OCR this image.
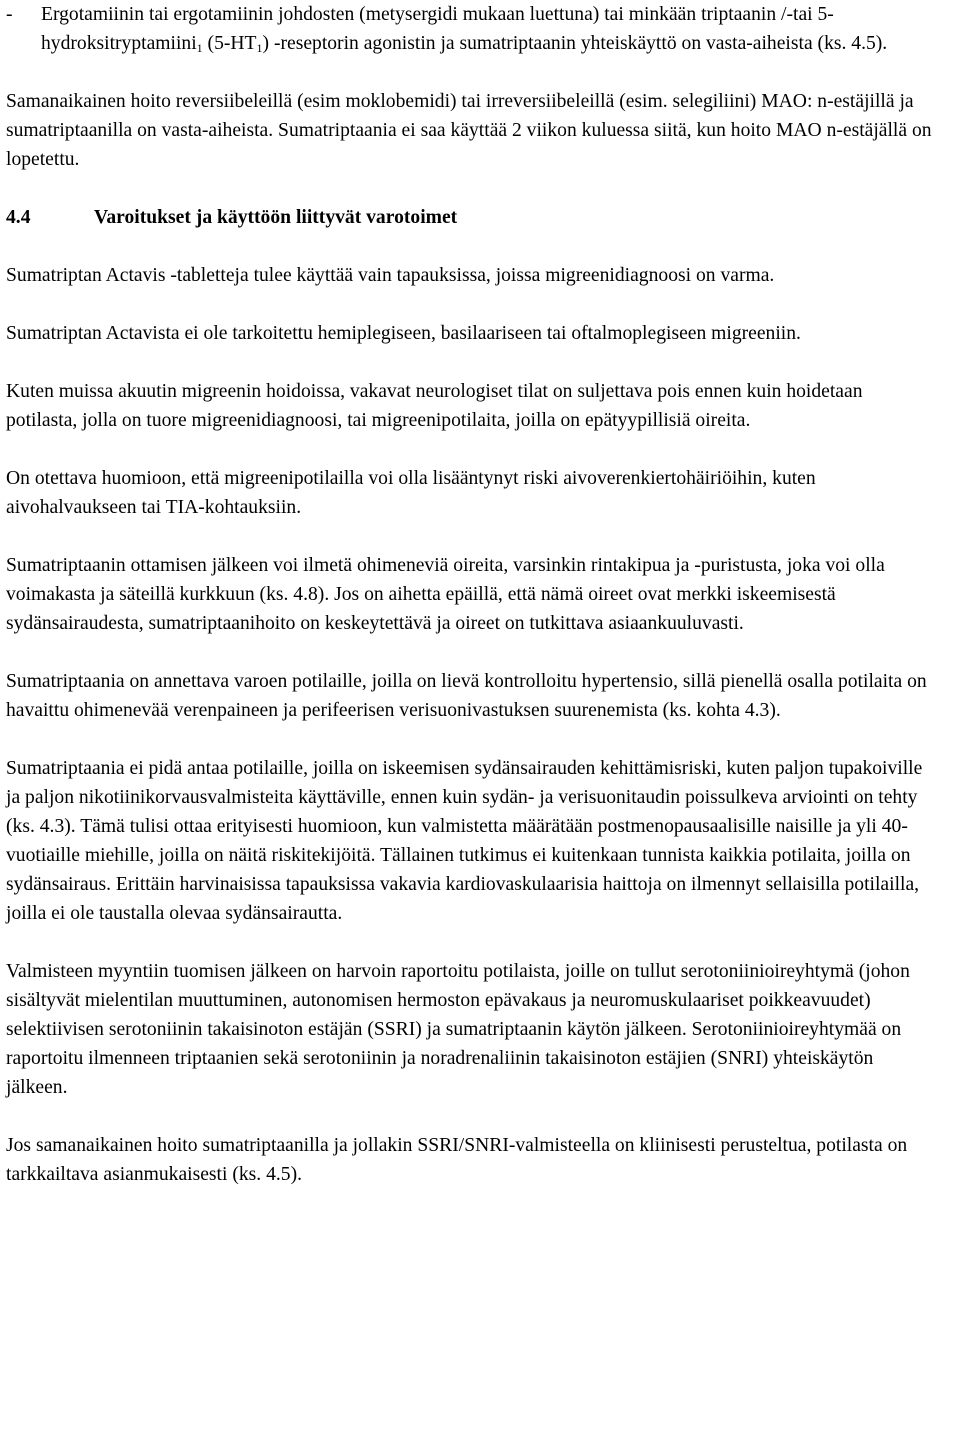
- Ergotamiinin tai ergotamiinin johdosten (metysergidi mukaan luettuna) tai minkään triptaanin /-tai 5-hydroksitryptamiini$_1$ $(5-HT_1)$ -reseptorin agonistin ja sumatriptaanin yhteiskäyttö on vasta-aiheista (ks. 4.5).

Samanaikainen hoito reversiibeleillä (esim moklobemidi) tai irreversiibeleillä (esim. selegiliini) MAO: n-estäjillä ja sumatriptaanilla on vasta-aiheista. Sumatriptaania ei saa käyttää 2 viikon kuluessa siitä, kun hoito MAO n-estäjällä on lopetettu.

4.4	Varoitukset ja käyttöön liittyvät varotoimet

Sumatriptan Actavis -tabletteja tulee käyttää vain tapauksissa, joissa migreenidiagnoosi on varma.

Sumatriptan Actavista ei ole tarkoitettu hemiplegiseen, basilaariseen tai oftalmoplegiseen migreeniin.

Kuten muissa akuutin migreenin hoidoissa, vakavat neurologiset tilat on suljettava pois ennen kuin hoidetaan potilasta, jolla on tuore migreenidiagnoosi, tai migreenipotilaita, joilla on epätyypillisiä oireita.

On otettava huomioon, että migreenipotilailla voi olla lisääntynyt riski aivoverenkiertohäiriöihin, kuten aivohalvaukseen tai TIA-kohtauksiin.

Sumatriptaanin ottamisen jälkeen voi ilmetä ohimeneviä oireita, varsinkin rintakipua ja -puristusta, joka voi olla voimakasta ja säteillä kurkkuun (ks. 4.8). Jos on aihetta epäillä, että nämä oireet ovat merkki iskeemisestä sydänsairaudesta, sumatriptaanihoito on keskeytettävä ja oireet on tutkittava asiaankuuluvasti.

Sumatriptaania on annettava varoen potilaille, joilla on lievä kontrolloitu hypertensio, sillä pienellä osalla potilaita on havaittu ohimenevää verenpaineen ja perifeerisen verisuonivastuksen suurenemista (ks. kohta 4.3).

Sumatriptaania ei pidä antaa potilaille, joilla on iskeemisen sydänsairauden kehittämisriski, kuten paljon tupakoiville ja paljon nikotiinikorvausvalmisteita käyttäville, ennen kuin sydän- ja verisuonitaudin poissulkeva arviointi on tehty (ks. 4.3). Tämä tulisi ottaa erityisesti huomioon, kun valmistetta määrätään postmenopausaalisille naisille ja yli 40-vuotiaille miehille, joilla on näitä riskitekijöitä. Tällainen tutkimus ei kuitenkaan tunnista kaikkia potilaita, joilla on sydänsairaus. Erittäin harvinaisissa tapauksissa vakavia kardiovaskulaarisia haittoja on ilmennyt sellaisilla potilailla, joilla ei ole taustalla olevaa sydänsairautta.

Valmisteen myyntiin tuomisen jälkeen on harvoin raportoitu potilaista, joille on tullut serotoniinioireyhtymä (johon sisältyvät mielentilan muuttuminen, autonomisen hermoston epävakaus ja neuromuskulaariset poikkeavuudet) selektiivisen serotoniinin takaisinoton estäjän (SSRI) ja sumatriptaanin käytön jälkeen. Serotoniinioireyhtymää on raportoitu ilmenneen triptaanien sekä serotoniinin ja noradrenaliinin takaisinoton estäjien (SNRI) yhteiskäytön jälkeen.

Jos samanaikainen hoito sumatriptaanilla ja jollakin SSRI/SNRI-valmisteella on kliinisesti perusteltua, potilasta on tarkkailtava asianmukaisesti (ks. 4.5).
